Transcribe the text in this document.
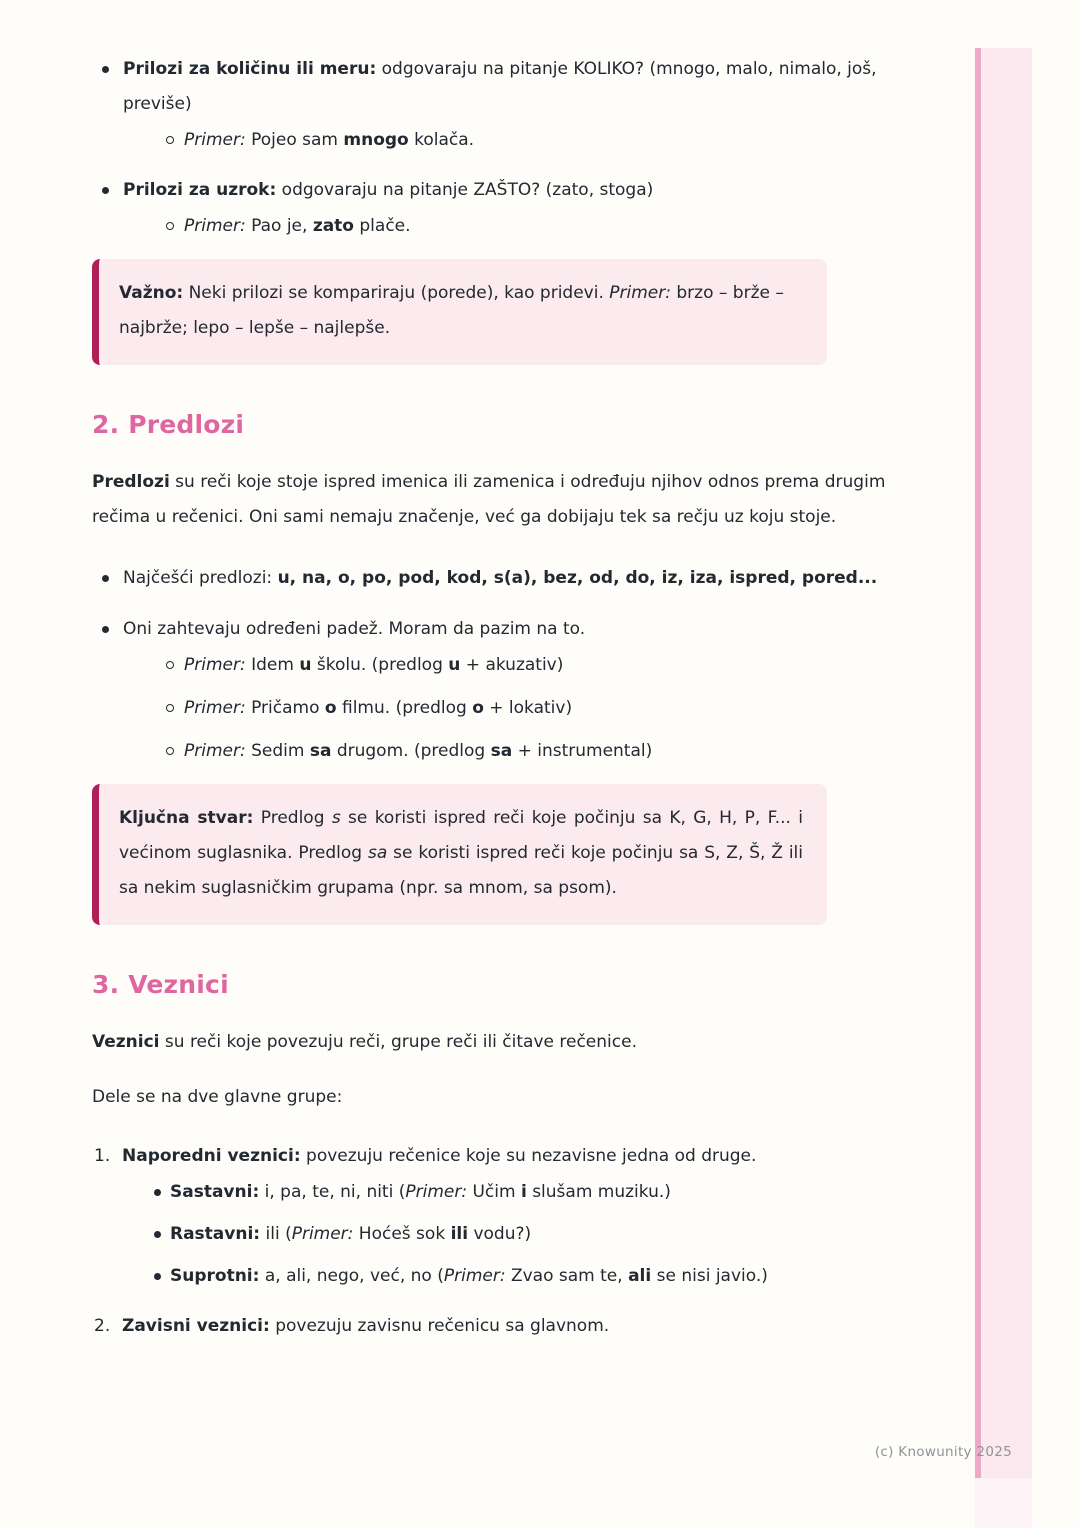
Prilozi za količinu ili meru: odgovaraju na pitanje KOLIKO? (mnogo, malo, nimalo, još, previše)
Primer: Pojeo sam mnogo kolača.
Prilozi za uzrok: odgovaraju na pitanje ZAŠTO? (zato, stoga)
Primer: Pao je, zato plače.
Važno: Neki prilozi se kompariraju (porede), kao pridevi. Primer: brzo – brže – najbrže; lepo – lepše – najlepše.
2. Predlozi

Predlozi su reči koje stoje ispred imenica ili zamenica i određuju njihov odnos prema drugim rečima u rečenici. Oni sami nemaju značenje, već ga dobijaju tek sa rečju uz koju stoje.

Najčešći predlozi: u, na, o, po, pod, kod, s(a), bez, od, do, iz, iza, ispred, pored...
Oni zahtevaju određeni padež. Moram da pazim na to.
Primer: Idem u školu. (predlog u + akuzativ)
Primer: Pričamo o filmu. (predlog o + lokativ)
Primer: Sedim sa drugom. (predlog sa + instrumental)
Ključna stvar: Predlog s se koristi ispred reči koje počinju sa K, G, H, P, F... i većinom suglasnika. Predlog sa se koristi ispred reči koje počinju sa S, Z, Š, Ž ili sa nekim suglasničkim grupama (npr. sa mnom, sa psom).
3. Veznici

Veznici su reči koje povezuju reči, grupe reči ili čitave rečenice.

Dele se na dve glavne grupe:

1. Naporedni veznici: povezuju rečenice koje su nezavisne jedna od druge.
Sastavni: i, pa, te, ni, niti (Primer: Učim i slušam muziku.)
Rastavni: ili (Primer: Hoćeš sok ili vodu?)
Suprotni: a, ali, nego, već, no (Primer: Zvao sam te, ali se nisi javio.)
2. Zavisni veznici: povezuju zavisnu rečenicu sa glavnom.
(c) Knowunity 2025
